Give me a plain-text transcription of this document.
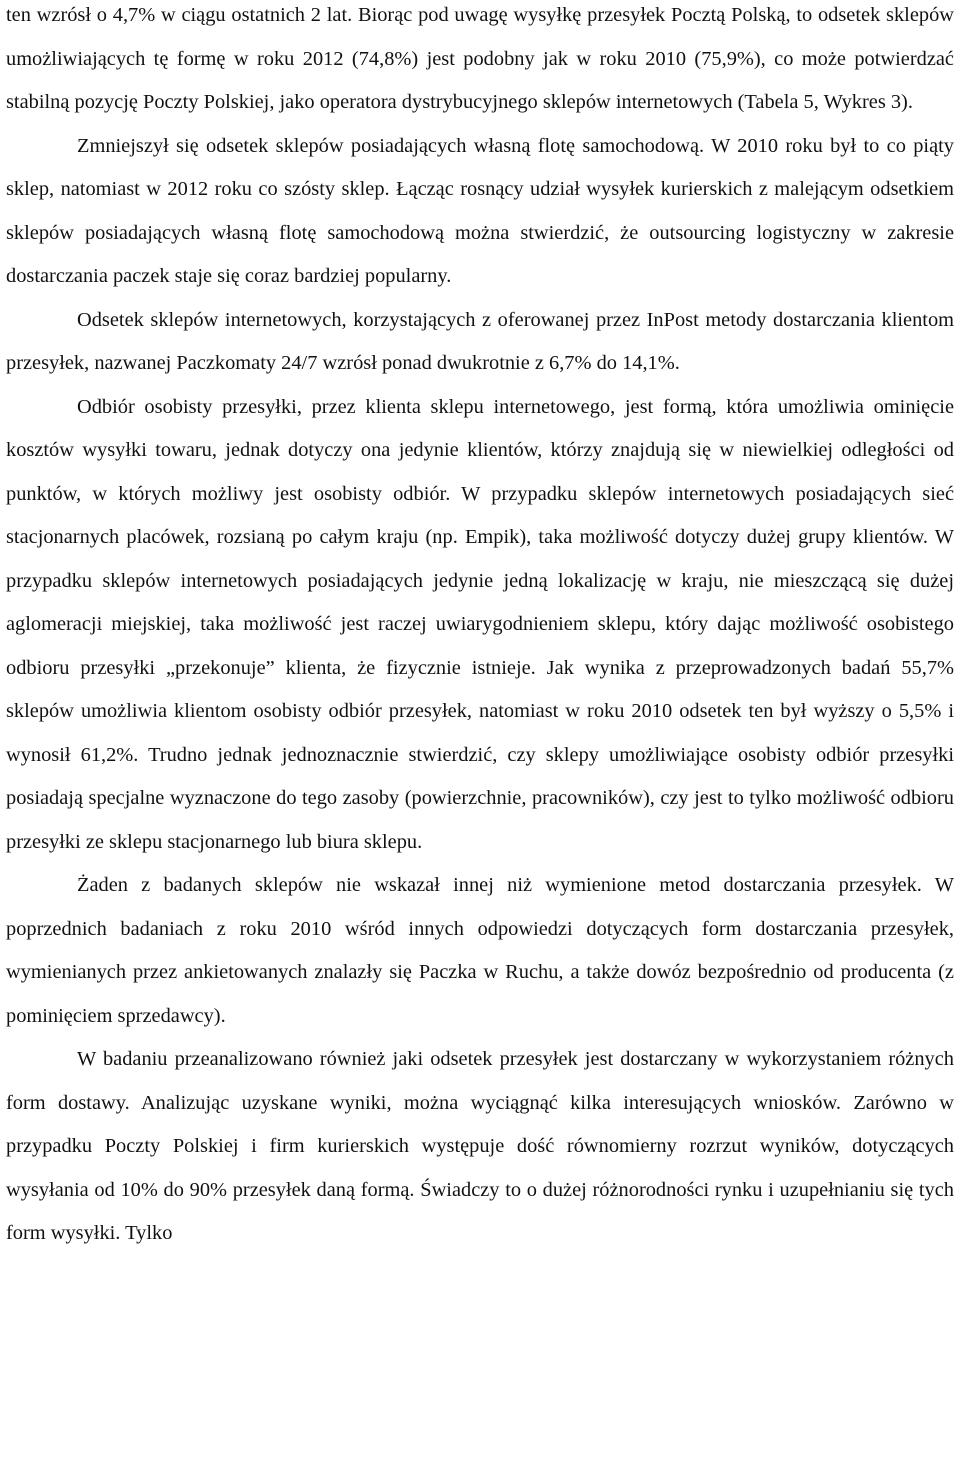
ten wzrósł o 4,7% w ciągu ostatnich 2 lat. Biorąc pod uwagę wysyłkę przesyłek Pocztą Polską, to odsetek sklepów umożliwiających tę formę w roku 2012 (74,8%) jest podobny jak w roku 2010 (75,9%), co może potwierdzać stabilną pozycję Poczty Polskiej, jako operatora dystrybucyjnego sklepów internetowych (Tabela 5, Wykres 3).

Zmniejszył się odsetek sklepów posiadających własną flotę samochodową. W 2010 roku był to co piąty sklep, natomiast w 2012 roku co szósty sklep. Łącząc rosnący udział wysyłek kurierskich z malejącym odsetkiem sklepów posiadających własną flotę samochodową można stwierdzić, że outsourcing logistyczny w zakresie dostarczania paczek staje się coraz bardziej popularny.

Odsetek sklepów internetowych, korzystających z oferowanej przez InPost metody dostarczania klientom przesyłek, nazwanej Paczkomaty 24/7 wzrósł ponad dwukrotnie z 6,7% do 14,1%.

Odbiór osobisty przesyłki, przez klienta sklepu internetowego, jest formą, która umożliwia ominięcie kosztów wysyłki towaru, jednak dotyczy ona jedynie klientów, którzy znajdują się w niewielkiej odległości od punktów, w których możliwy jest osobisty odbiór. W przypadku sklepów internetowych posiadających sieć stacjonarnych placówek, rozsianą po całym kraju (np. Empik), taka możliwość dotyczy dużej grupy klientów. W przypadku sklepów internetowych posiadających jedynie jedną lokalizację w kraju, nie mieszczącą się dużej aglomeracji miejskiej, taka możliwość jest raczej uwiarygodnieniem sklepu, który dając możliwość osobistego odbioru przesyłki „przekonuje” klienta, że fizycznie istnieje. Jak wynika z przeprowadzonych badań 55,7% sklepów umożliwia klientom osobisty odbiór przesyłek, natomiast w roku 2010 odsetek ten był wyższy o 5,5% i wynosił 61,2%. Trudno jednak jednoznacznie stwierdzić, czy sklepy umożliwiające osobisty odbiór przesyłki posiadają specjalne wyznaczone do tego zasoby (powierzchnie, pracowników), czy jest to tylko możliwość odbioru przesyłki ze sklepu stacjonarnego lub biura sklepu.

Żaden z badanych sklepów nie wskazał innej niż wymienione metod dostarczania przesyłek. W poprzednich badaniach z roku 2010 wśród innych odpowiedzi dotyczących form dostarczania przesyłek, wymienianych przez ankietowanych znalazły się Paczka w Ruchu, a także dowóz bezpośrednio od producenta (z pominięciem sprzedawcy).

W badaniu przeanalizowano również jaki odsetek przesyłek jest dostarczany w wykorzystaniem różnych form dostawy. Analizując uzyskane wyniki, można wyciągnąć kilka interesujących wniosków. Zarówno w przypadku Poczty Polskiej i firm kurierskich występuje dość równomierny rozrzut wyników, dotyczących wysyłania od 10% do 90% przesyłek daną formą. Świadczy to o dużej różnorodności rynku i uzupełnianiu się tych form wysyłki. Tylko
